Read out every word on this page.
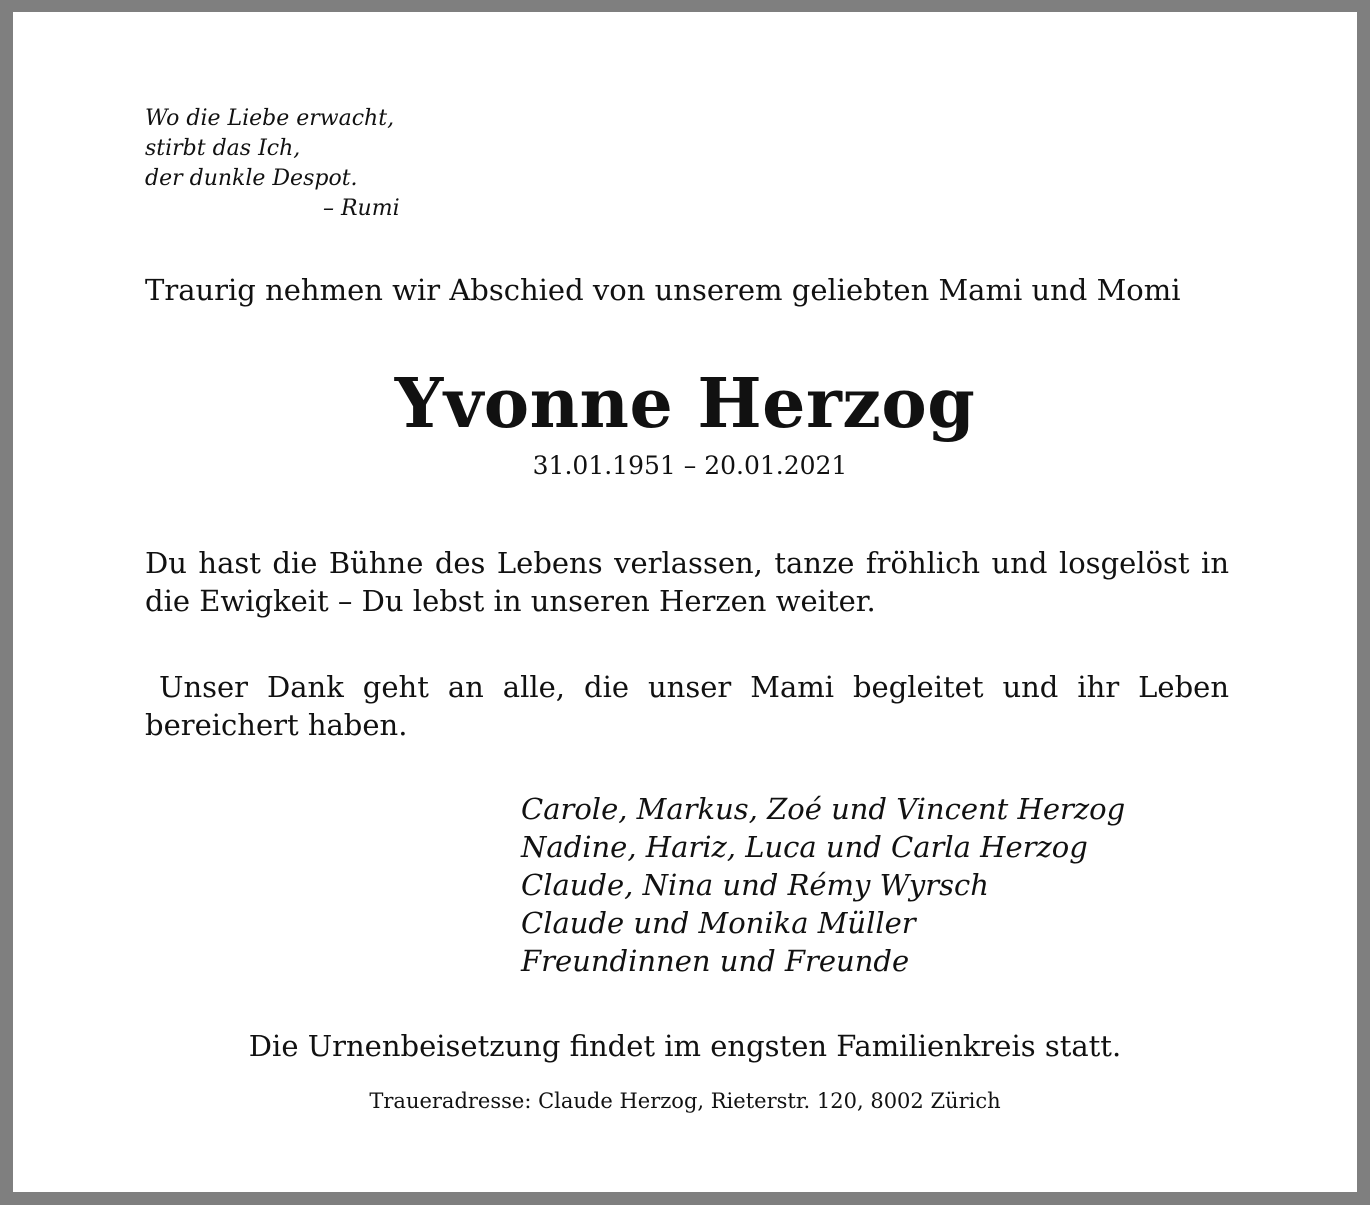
Wo die Liebe erwacht,
stirbt das Ich,
der dunkle Despot.
– Rumi
Traurig nehmen wir Abschied von unserem geliebten Mami und Momi
Yvonne Herzog
31.01.1951 – 20.01.2021
Du hast die Bühne des Lebens verlassen, tanze fröhlich und losgelöst in die Ewigkeit – Du lebst in unseren Herzen weiter.
Unser Dank geht an alle, die unser Mami begleitet und ihr Leben bereichert haben.
Carole, Markus, Zoé und Vincent Herzog
Nadine, Hariz, Luca und Carla Herzog
Claude, Nina und Rémy Wyrsch
Claude und Monika Müller
Freundinnen und Freunde
Die Urnenbeisetzung findet im engsten Familienkreis statt.
Traueradresse: Claude Herzog, Rieterstr. 120, 8002 Zürich
